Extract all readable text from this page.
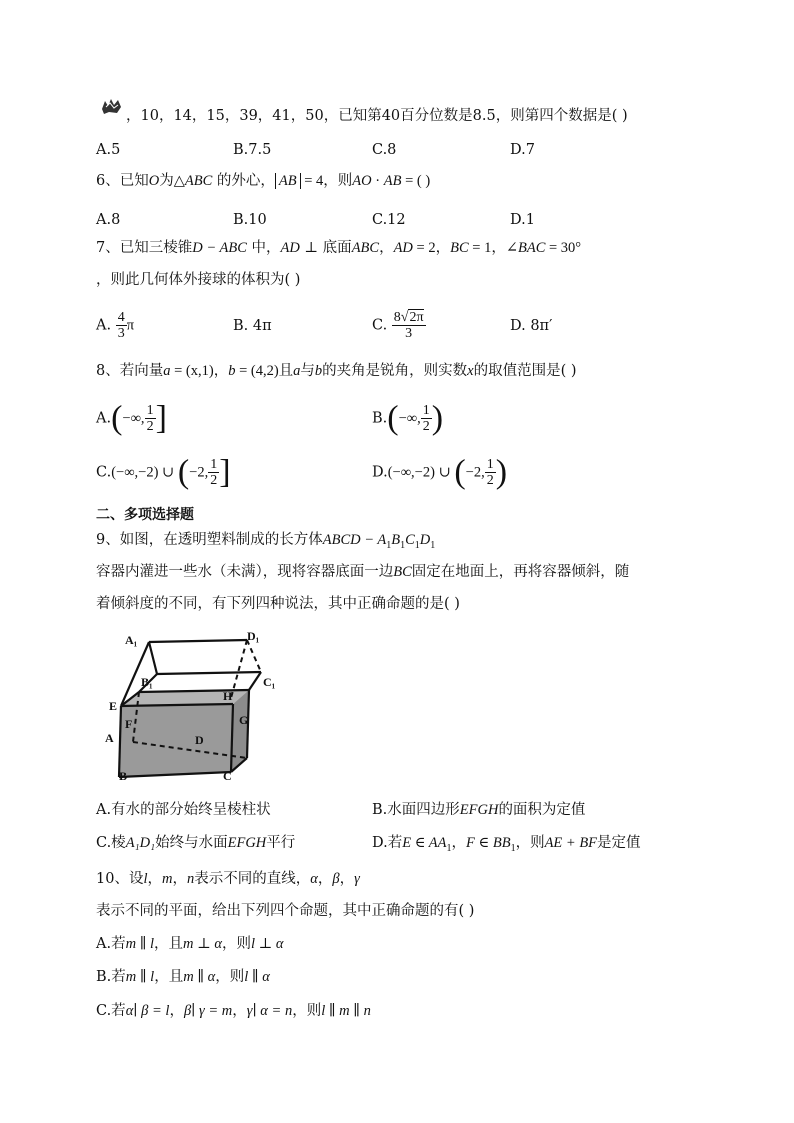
，10，14，15，39，41，50，已知第40百分位数是8.5，则第四个数据是( )
A.5	B.7.5	C.8	D.7
6、已知O为△ABC 的外心， AB = 4，则AO · AB = ( )
A.8	B.10	C.12	D.1
7、已知三棱锥D − ABC 中，AD ⊥ 底面ABC，AD = 2，BC = 1，∠BAC = 30°
，则此几何体外接球的体积为( )
A. $\frac{4}{3}$ π	B. 4π	C. $\frac{8√2\pi}{3}$	D. 8π′
8、若向量a = (x,1)，b = (4,2)且a与b的夹角是锐角，则实数x的取值范围是( )
A.(−∞, $\frac{1}{2}$ ]	B.(−∞, $\frac{1}{2}$ )
C.(−∞,−2) ∪ (−2, $\frac{1}{2}$ ]	D.(−∞,−2) ∪ (−2, $\frac{1}{2}$ )
二、多项选择题
9、如图，在透明塑料制成的长方体ABCD − $A_1B_1C_1D_1$
容器内灌进一些水（未满），现将容器底面一边BC固定在地面上，再将容器倾斜，随
着倾斜度的不同，有下列四种说法，其中正确命题的是( )
A₁	D₁
B₁	C₁
H
E
F	G
A	D
B	C
A.有水的部分始终呈棱柱状	B.水面四边形EFGH的面积为定值
C.棱A₁D₁始终与水面EFGH平行	D.若E ∈ $AA_1$，F ∈ $BB_1$，则AE + BF是定值
10、设l，m，n表示不同的直线，α，β，γ
表示不同的平面，给出下列四个命题，其中正确命题的有( )
A.若m ∥ l，且m ⊥ α，则l ⊥ α
B.若m ∥ l，且m ∥ α，则l ∥ α
C.若α∣ β = l，β∣ γ = m，γ∣ α = n，则l ∥ m ∥ n
